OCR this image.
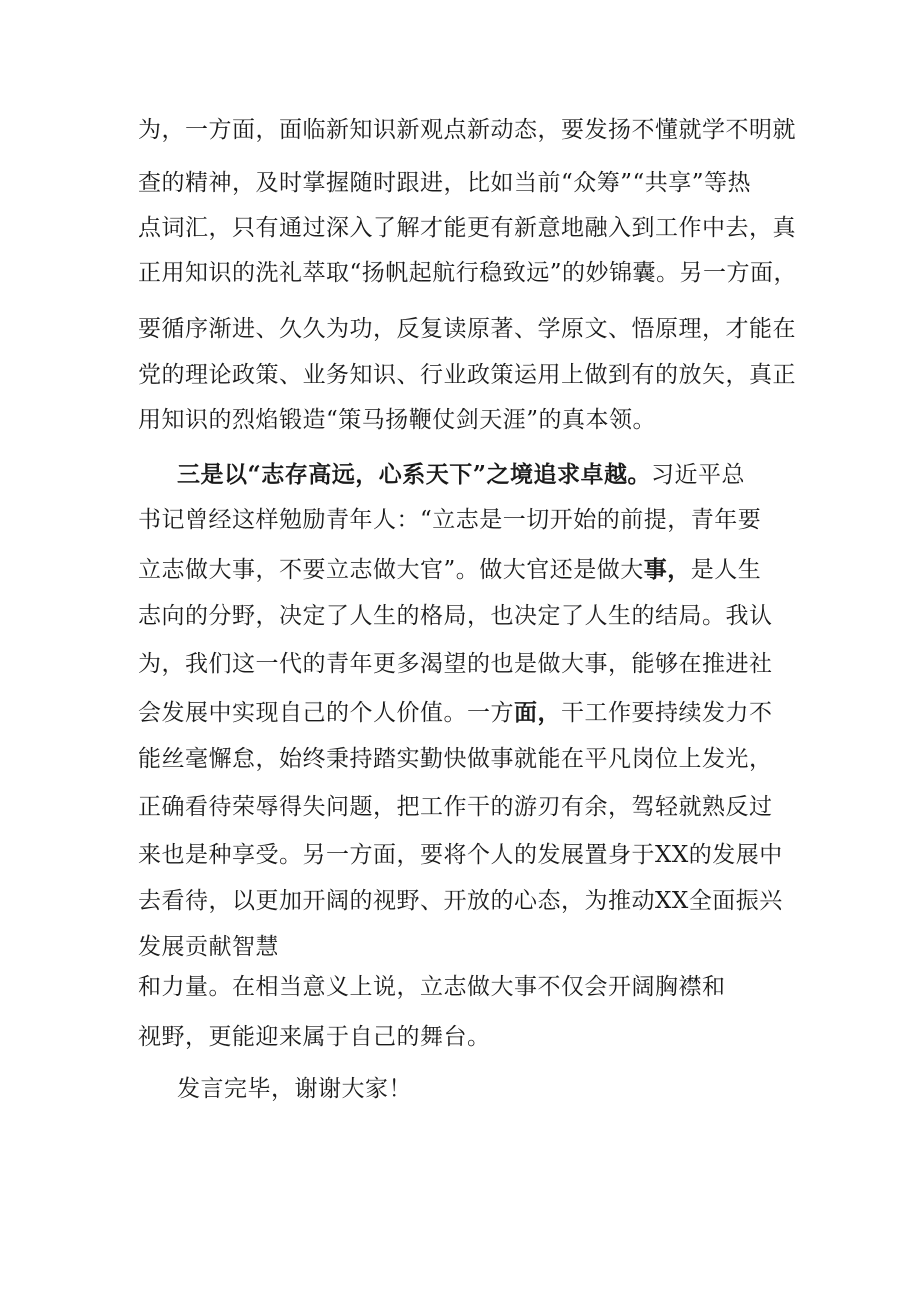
为，一方面，面临新知识新观点新动态，要发扬不懂就学不明就
查的精神，及时掌握随时跟进，比如当前“众筹”“共享”等热
点词汇，只有通过深入了解才能更有新意地融入到工作中去，真
正用知识的洗礼萃取“扬帆起航行稳致远”的妙锦囊。另一方面，
要循序渐进、久久为功，反复读原著、学原文、悟原理，才能在
党的理论政策、业务知识、行业政策运用上做到有的放矢，真正
用知识的烈焰锻造“策马扬鞭仗剑天涯”的真本领。
三是以“志存高远，心系天下”之境追求卓越。习近平总
书记曾经这样勉励青年人：“立志是一切开始的前提，青年要
立志做大事，不要立志做大官”。做大官还是做大事，是人生
志向的分野，决定了人生的格局，也决定了人生的结局。我认
为，我们这一代的青年更多渴望的也是做大事，能够在推进社
会发展中实现自己的个人价值。一方面，干工作要持续发力不
能丝毫懈怠，始终秉持踏实勤快做事就能在平凡岗位上发光，
正确看待荣辱得失问题，把工作干的游刃有余，驾轻就熟反过
来也是种享受。另一方面，要将个人的发展置身于XX的发展中
去看待，以更加开阔的视野、开放的心态，为推动XX全面振兴
发展贡献智慧
和力量。在相当意义上说，立志做大事不仅会开阔胸襟和
视野，更能迎来属于自己的舞台。
发言完毕，谢谢大家！
